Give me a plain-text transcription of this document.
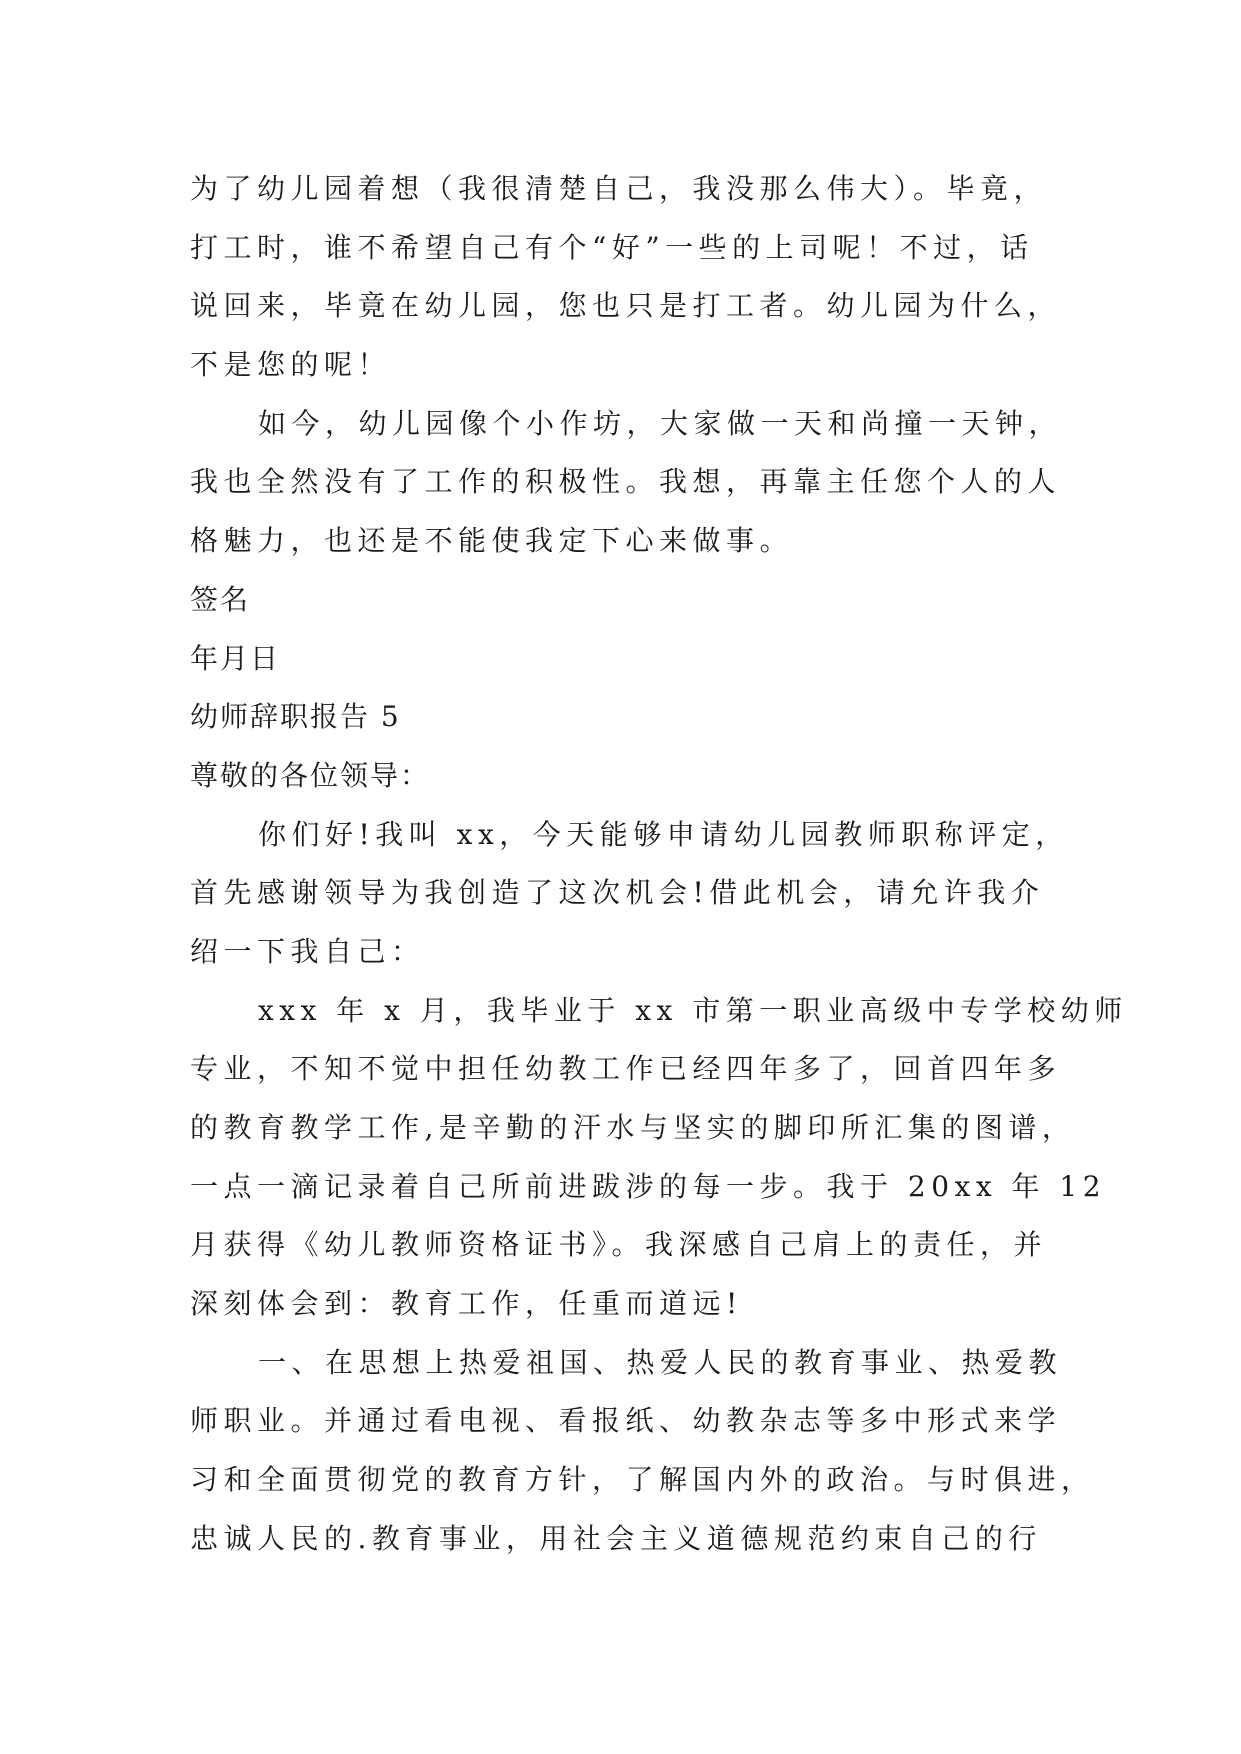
为了幼儿园着想（我很清楚自己，我没那么伟大）。毕竟，
打工时，谁不希望自己有个“好”一些的上司呢！不过，话
说回来，毕竟在幼儿园，您也只是打工者。幼儿园为什么，
不是您的呢！
如今，幼儿园像个小作坊，大家做一天和尚撞一天钟，
我也全然没有了工作的积极性。我想，再靠主任您个人的人
格魅力，也还是不能使我定下心来做事。
签名
年月日
幼师辞职报告 5
尊敬的各位领导：
你们好!我叫 xx，今天能够申请幼儿园教师职称评定，
首先感谢领导为我创造了这次机会!借此机会，请允许我介
绍一下我自己：
xxx 年 x 月，我毕业于 xx 市第一职业高级中专学校幼师
专业，不知不觉中担任幼教工作已经四年多了，回首四年多
的教育教学工作,是辛勤的汗水与坚实的脚印所汇集的图谱，
一点一滴记录着自己所前进跋涉的每一步。我于 20xx 年 12
月获得《幼儿教师资格证书》。我深感自己肩上的责任，并
深刻体会到：教育工作，任重而道远!
一、在思想上热爱祖国、热爱人民的教育事业、热爱教
师职业。并通过看电视、看报纸、幼教杂志等多中形式来学
习和全面贯彻党的教育方针，了解国内外的政治。与时俱进，
忠诚人民的.教育事业，用社会主义道德规范约束自己的行
